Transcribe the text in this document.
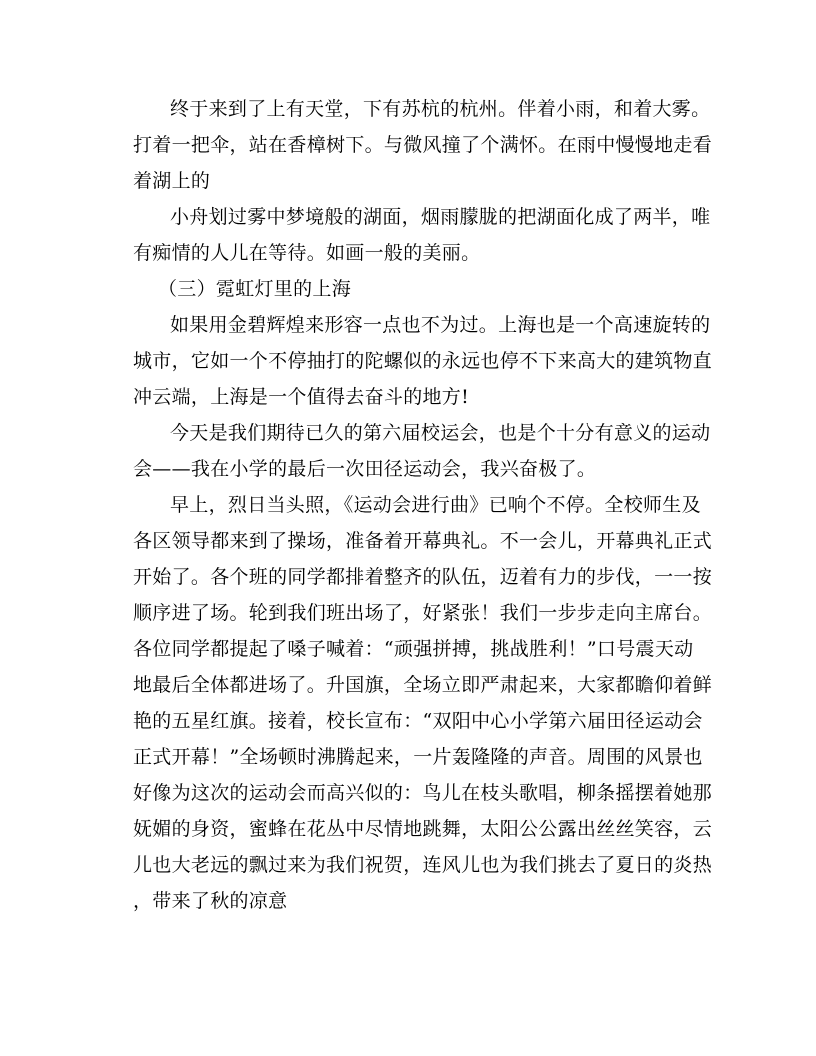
终于来到了上有天堂，下有苏杭的杭州。伴着小雨，和着大雾。
打着一把伞，站在香樟树下。与微风撞了个满怀。在雨中慢慢地走看
着湖上的
小舟划过雾中梦境般的湖面，烟雨朦胧的把湖面化成了两半，唯
有痴情的人儿在等待。如画一般的美丽。
（三）霓虹灯里的上海
如果用金碧辉煌来形容一点也不为过。上海也是一个高速旋转的
城市，它如一个不停抽打的陀螺似的永远也停不下来高大的建筑物直
冲云端，上海是一个值得去奋斗的地方!
今天是我们期待已久的第六届校运会，也是个十分有意义的运动
会——我在小学的最后一次田径运动会，我兴奋极了。
早上，烈日当头照，《运动会进行曲》已响个不停。全校师生及
各区领导都来到了操场，准备着开幕典礼。不一会儿，开幕典礼正式
开始了。各个班的同学都排着整齐的队伍，迈着有力的步伐，一一按
顺序进了场。轮到我们班出场了，好紧张！我们一步步走向主席台。
各位同学都提起了嗓子喊着：“顽强拼搏，挑战胜利！”口号震天动
地最后全体都进场了。升国旗，全场立即严肃起来，大家都瞻仰着鲜
艳的五星红旗。接着，校长宣布：“双阳中心小学第六届田径运动会
正式开幕！”全场顿时沸腾起来，一片轰隆隆的声音。周围的风景也
好像为这次的运动会而高兴似的：鸟儿在枝头歌唱，柳条摇摆着她那
妩媚的身资，蜜蜂在花丛中尽情地跳舞，太阳公公露出丝丝笑容，云
儿也大老远的飘过来为我们祝贺，连风儿也为我们挑去了夏日的炎热
，带来了秋的凉意
